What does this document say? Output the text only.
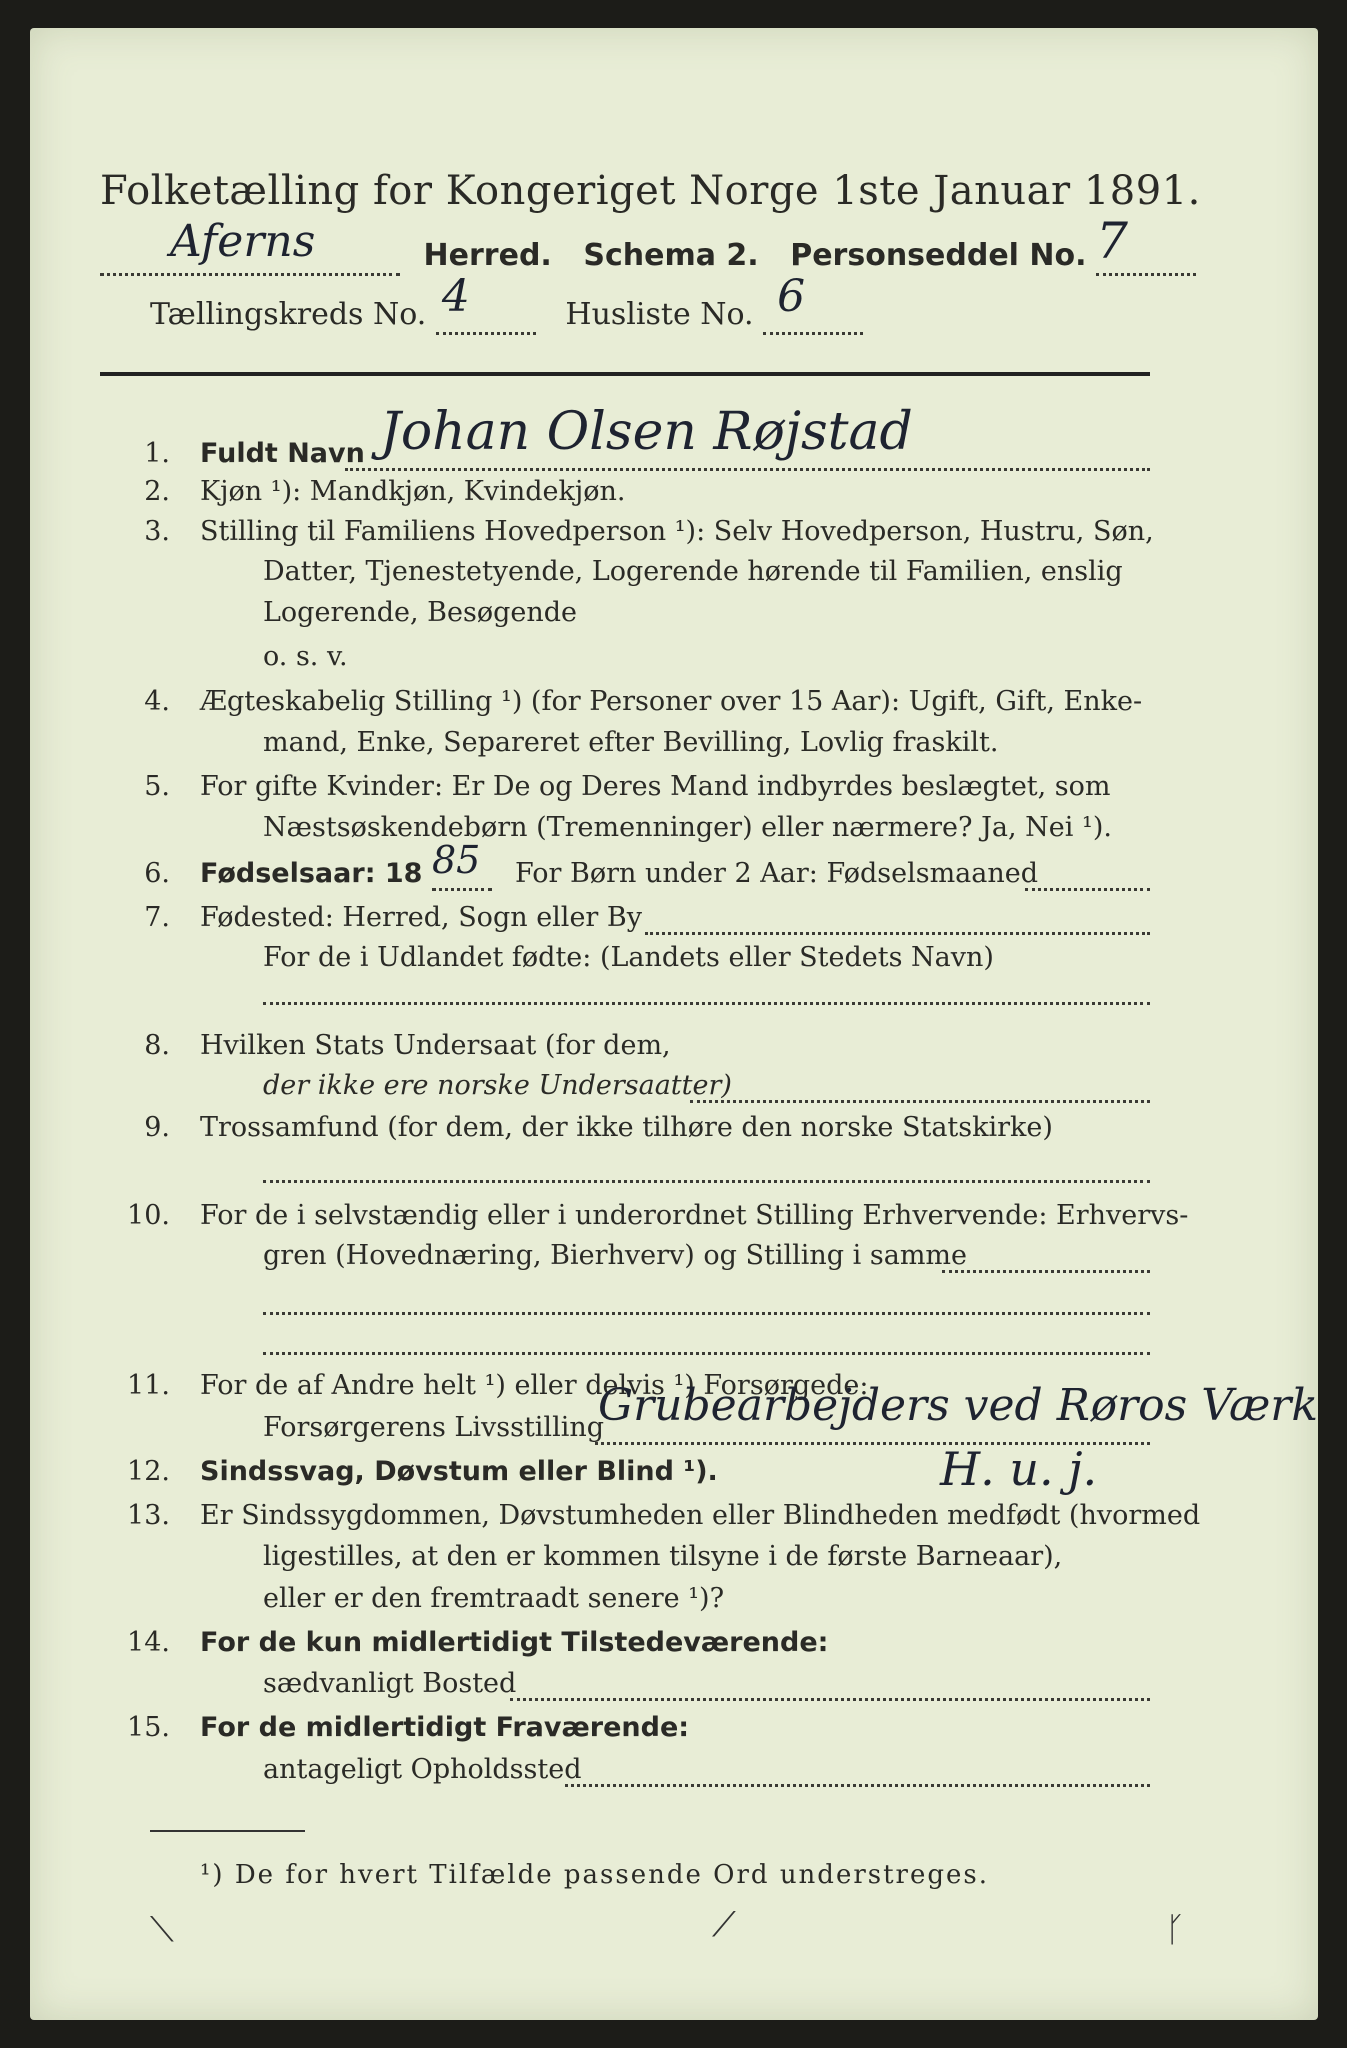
Folketælling for Kongeriget Norge 1ste Januar 1891.
Aferns	Herred. Schema 2. Personseddel No. 7

Tællingskreds No. 4	Husliste No. 6

1. Fuldt Navn Johan Olsen Røjstad
2. Kjøn ¹): Mandkjøn, Kvindekjøn.
3. Stilling til Familiens Hovedperson ¹): Selv Hovedperson, Hustru, Søn,
Datter, Tjenestetyende, Logerende hørende til Familien, enslig
Logerende, Besøgende
o. s. v.
4. Ægteskabelig Stilling ¹) (for Personer over 15 Aar): Ugift, Gift, Enke-
mand, Enke, Separeret efter Bevilling, Lovlig fraskilt.
5. For gifte Kvinder: Er De og Deres Mand indbyrdes beslægtet, som
Næstsøskendebørn (Tremenninger) eller nærmere? Ja, Nei ¹).
6. Fødselsaar: 18 85 For Børn under 2 Aar: Fødselsmaaned
7. Fødested: Herred, Sogn eller By
For de i Udlandet fødte: (Landets eller Stedets Navn)
8. Hvilken Stats Undersaat (for dem,
der ikke ere norske Undersaatter)
9. Trossamfund (for dem, der ikke tilhøre den norske Statskirke)
10. For de i selvstændig eller i underordnet Stilling Erhvervende: Erhvervs-
gren (Hovednæring, Bierhverv) og Stilling i samme
11. For de af Andre helt ¹) eller delvis ¹) Forsørgede:
Forsørgerens Livsstilling
Grubearbejders ved Røros Værk
12. Sindssvag, Døvstum eller Blind ¹).	H. u. j.
13. Er Sindssygdommen, Døvstumheden eller Blindheden medfødt (hvormed
ligestilles, at den er kommen tilsyne i de første Barneaar),
eller er den fremtraadt senere ¹)?
14. For de kun midlertidigt Tilstedeværende:
sædvanligt Bosted
15. For de midlertidigt Fraværende:
antageligt Opholdssted
¹) De for hvert Tilfælde passende Ord understreges.
⟍	⟋	ᚴ
